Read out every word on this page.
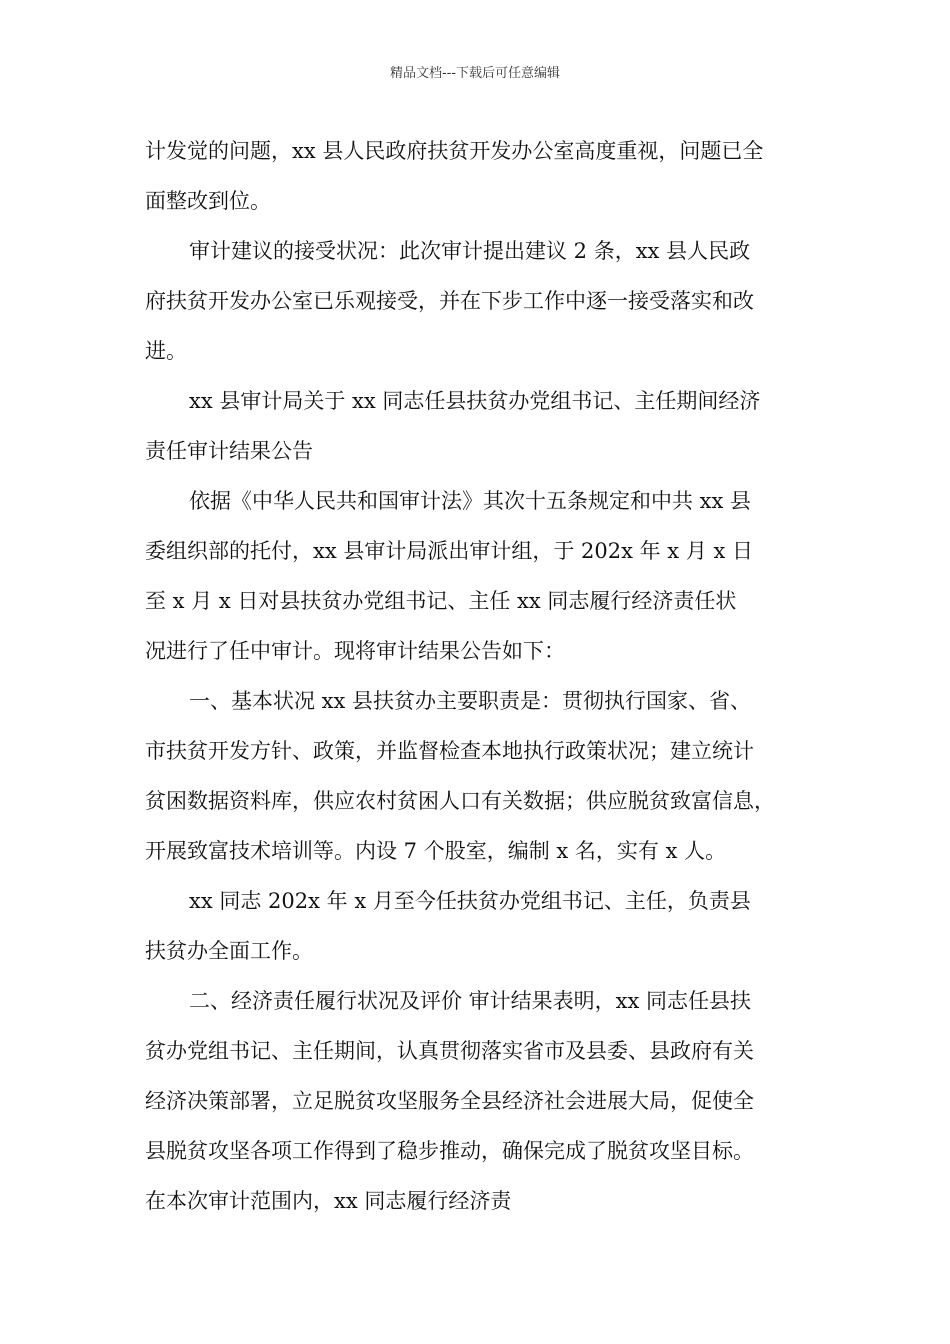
精品文档---下载后可任意编辑

计发觉的问题，xx 县人民政府扶贫开发办公室高度重视，问题已全
面整改到位。

审计建议的接受状况：此次审计提出建议 2 条，xx 县人民政
府扶贫开发办公室已乐观接受，并在下步工作中逐一接受落实和改
进。

xx 县审计局关于 xx 同志任县扶贫办党组书记、主任期间经济
责任审计结果公告

依据《中华人民共和国审计法》其次十五条规定和中共 xx 县
委组织部的托付，xx 县审计局派出审计组，于 202x 年 x 月 x 日
至 x 月 x 日对县扶贫办党组书记、主任 xx 同志履行经济责任状
况进行了任中审计。现将审计结果公告如下：

一、基本状况 xx 县扶贫办主要职责是：贯彻执行国家、省、
市扶贫开发方针、政策，并监督检查本地执行政策状况；建立统计
贫困数据资料库，供应农村贫困人口有关数据；供应脱贫致富信息，
开展致富技术培训等。内设 7 个股室，编制 x 名，实有 x 人。

xx 同志 202x 年 x 月至今任扶贫办党组书记、主任，负责县
扶贫办全面工作。

二、经济责任履行状况及评价 审计结果表明，xx 同志任县扶
贫办党组书记、主任期间，认真贯彻落实省市及县委、县政府有关
经济决策部署，立足脱贫攻坚服务全县经济社会进展大局，促使全
县脱贫攻坚各项工作得到了稳步推动，确保完成了脱贫攻坚目标。
在本次审计范围内，xx 同志履行经济责
